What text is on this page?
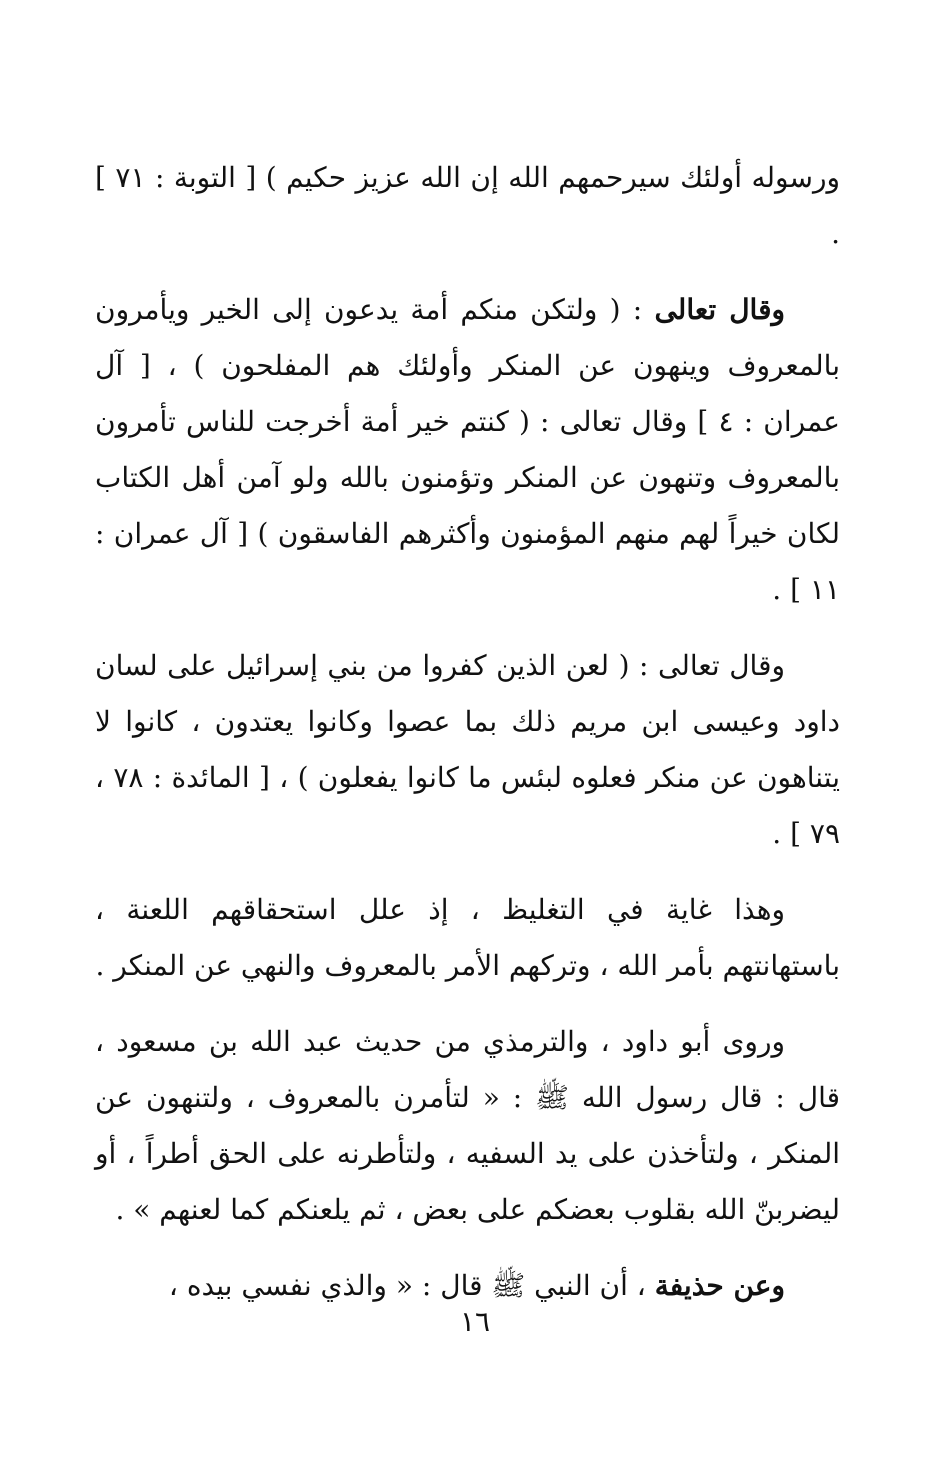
ورسوله أولئك سيرحمهم الله إن الله عزيز حكيم ) [ التوبة : ٧١ ] .

وقال تعالى : ( ولتكن منكم أمة يدعون إلى الخير ويأمرون بالمعروف وينهون عن المنكر وأولئك هم المفلحون ) ، [ آل عمران : ٤ ] وقال تعالى : ( كنتم خير أمة أخرجت للناس تأمرون بالمعروف وتنهون عن المنكر وتؤمنون بالله ولو آمن أهل الكتاب لكان خيراً لهم منهم المؤمنون وأكثرهم الفاسقون ) [ آل عمران : ١١ ] .

وقال تعالى : ( لعن الذين كفروا من بني إسرائيل على لسان داود وعيسى ابن مريم ذلك بما عصوا وكانوا يعتدون ، كانوا لا يتناهون عن منكر فعلوه لبئس ما كانوا يفعلون ) ، [ المائدة : ٧٨ ، ٧٩ ] .

وهذا غاية في التغليظ ، إذ علل استحقاقهم اللعنة ، باستهانتهم بأمر الله ، وتركهم الأمر بالمعروف والنهي عن المنكر .

وروى أبو داود ، والترمذي من حديث عبد الله بن مسعود ، قال : قال رسول الله ﷺ : « لتأمرن بالمعروف ، ولتنهون عن المنكر ، ولتأخذن على يد السفيه ، ولتأطرنه على الحق أطراً ، أو ليضربنّ الله بقلوب بعضكم على بعض ، ثم يلعنكم كما لعنهم » .

وعن حذيفة ، أن النبي ﷺ قال : « والذي نفسي بيده ،

١٦
